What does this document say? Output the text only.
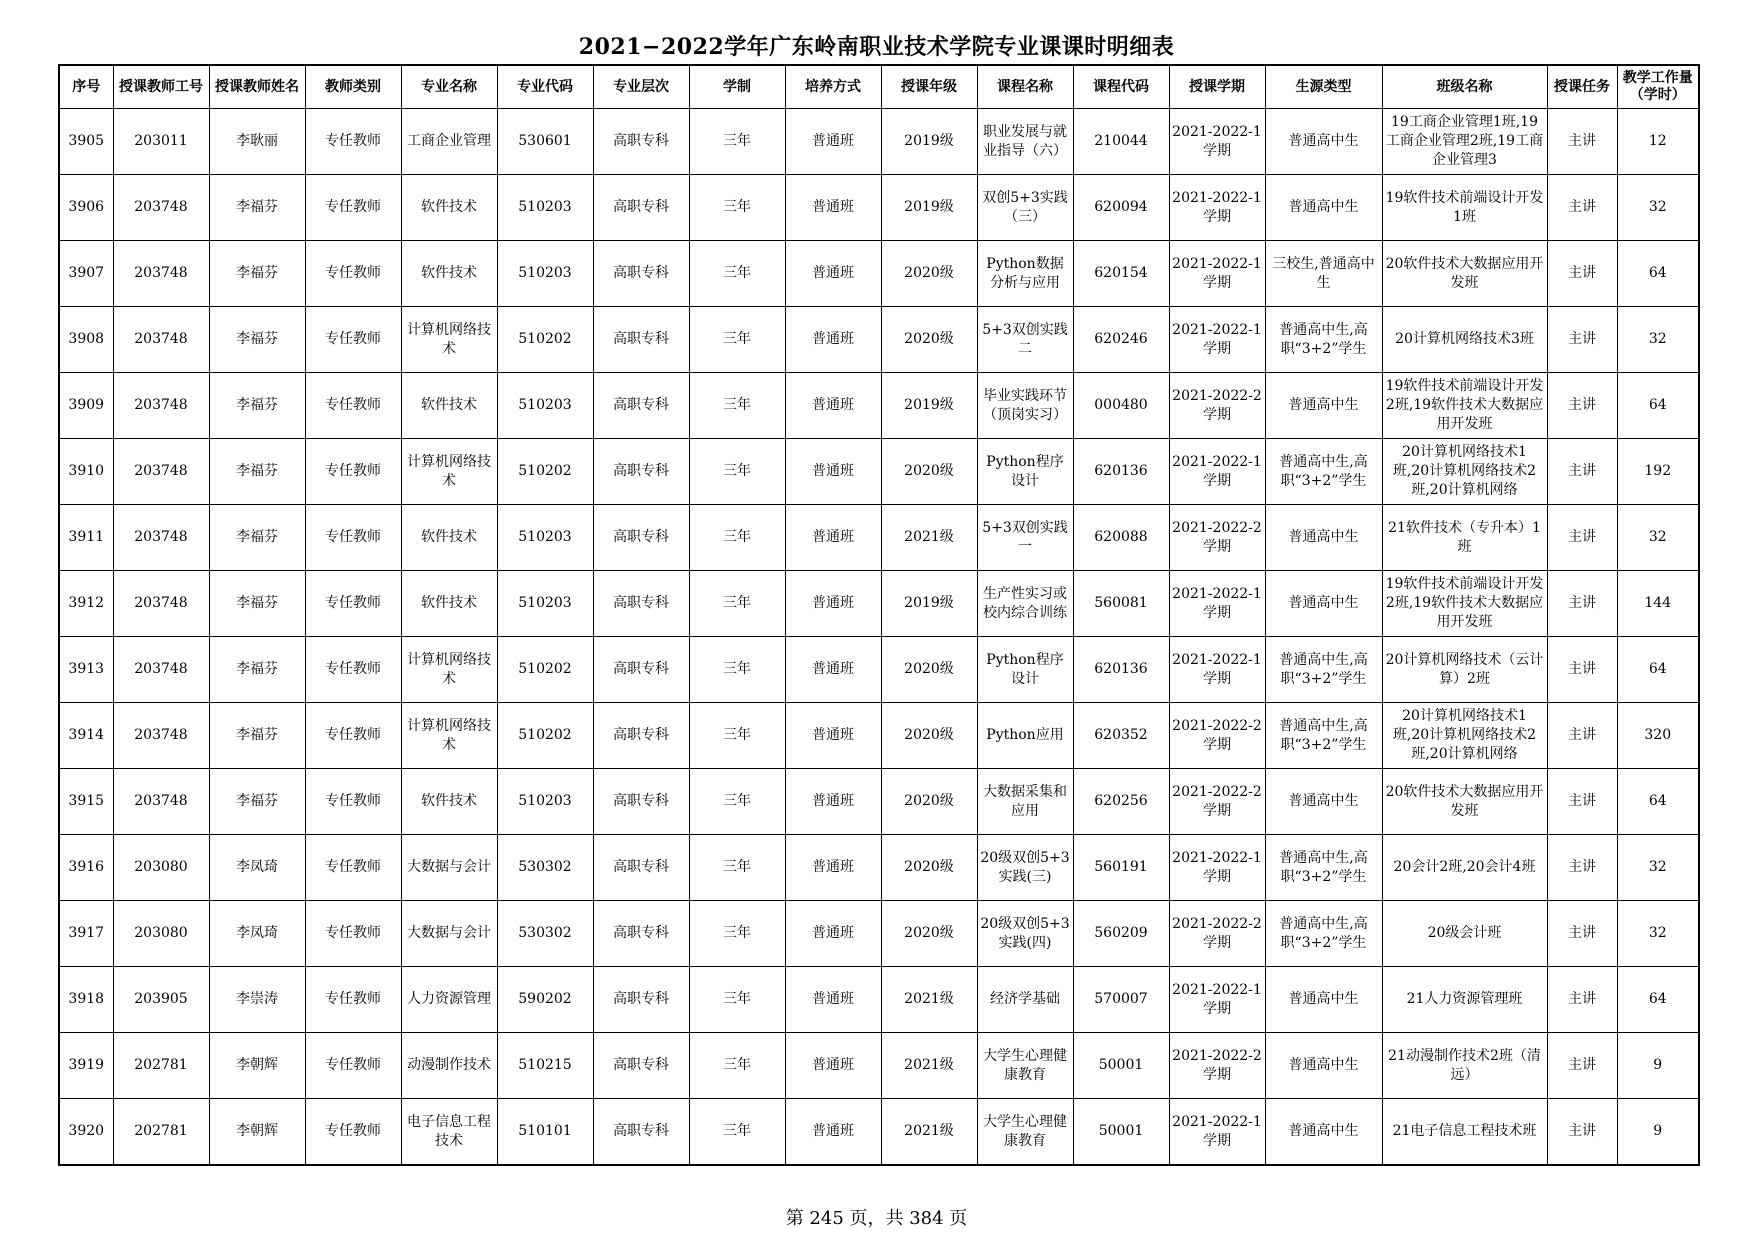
2021−2022学年广东岭南职业技术学院专业课课时明细表
序号	授课教师工号	授课教师姓名	教师类别	专业名称	专业代码	专业层次	学制	培养方式	授课年级	课程名称	课程代码	授课学期	生源类型	班级名称	授课任务	教学工作量（学时）

3905	203011	李耿丽	专任教师	工商企业管理	530601	高职专科	三年	普通班	2019级	职业发展与就业指导（六）	210044	2021-2022-1学期	普通高中生	19工商企业管理1班,19工商企业管理2班,19工商企业管理3	主讲	12

3906	203748	李福芬	专任教师	软件技术	510203	高职专科	三年	普通班	2019级	双创5+3实践（三）	620094	2021-2022-1学期	普通高中生	19软件技术前端设计开发1班	主讲	32

3907	203748	李福芬	专任教师	软件技术	510203	高职专科	三年	普通班	2020级	Python数据分析与应用	620154	2021-2022-1学期	三校生,普通高中生	20软件技术大数据应用开发班	主讲	64

3908	203748	李福芬	专任教师	计算机网络技术	510202	高职专科	三年	普通班	2020级	5+3双创实践二	620246	2021-2022-1学期	普通高中生,高职“3+2”学生	20计算机网络技术3班	主讲	32

3909	203748	李福芬	专任教师	软件技术	510203	高职专科	三年	普通班	2019级	毕业实践环节（顶岗实习）	000480	2021-2022-2学期	普通高中生	19软件技术前端设计开发2班,19软件技术大数据应用开发班	主讲	64

3910	203748	李福芬	专任教师	计算机网络技术	510202	高职专科	三年	普通班	2020级	Python程序设计	620136	2021-2022-1学期	普通高中生,高职“3+2”学生	20计算机网络技术1班,20计算机网络技术2班,20计算机网络	主讲	192

3911	203748	李福芬	专任教师	软件技术	510203	高职专科	三年	普通班	2021级	5+3双创实践一	620088	2021-2022-2学期	普通高中生	21软件技术（专升本）1班	主讲	32

3912	203748	李福芬	专任教师	软件技术	510203	高职专科	三年	普通班	2019级	生产性实习或校内综合训练	560081	2021-2022-1学期	普通高中生	19软件技术前端设计开发2班,19软件技术大数据应用开发班	主讲	144

3913	203748	李福芬	专任教师	计算机网络技术	510202	高职专科	三年	普通班	2020级	Python程序设计	620136	2021-2022-1学期	普通高中生,高职“3+2”学生	20计算机网络技术（云计算）2班	主讲	64

3914	203748	李福芬	专任教师	计算机网络技术	510202	高职专科	三年	普通班	2020级	Python应用	620352	2021-2022-2学期	普通高中生,高职“3+2”学生	20计算机网络技术1班,20计算机网络技术2班,20计算机网络	主讲	320

3915	203748	李福芬	专任教师	软件技术	510203	高职专科	三年	普通班	2020级	大数据采集和应用	620256	2021-2022-2学期	普通高中生	20软件技术大数据应用开发班	主讲	64

3916	203080	李凤琦	专任教师	大数据与会计	530302	高职专科	三年	普通班	2020级	20级双创5+3实践(三)	560191	2021-2022-1学期	普通高中生,高职“3+2”学生	20会计2班,20会计4班	主讲	32

3917	203080	李凤琦	专任教师	大数据与会计	530302	高职专科	三年	普通班	2020级	20级双创5+3实践(四)	560209	2021-2022-2学期	普通高中生,高职“3+2”学生	20级会计班	主讲	32

3918	203905	李崇涛	专任教师	人力资源管理	590202	高职专科	三年	普通班	2021级	经济学基础	570007	2021-2022-1学期	普通高中生	21人力资源管理班	主讲	64

3919	202781	李朝辉	专任教师	动漫制作技术	510215	高职专科	三年	普通班	2021级	大学生心理健康教育	50001	2021-2022-2学期	普通高中生	21动漫制作技术2班（清远）	主讲	9

3920	202781	李朝辉	专任教师	电子信息工程技术	510101	高职专科	三年	普通班	2021级	大学生心理健康教育	50001	2021-2022-1学期	普通高中生	21电子信息工程技术班	主讲	9
第 245 页，共 384 页
